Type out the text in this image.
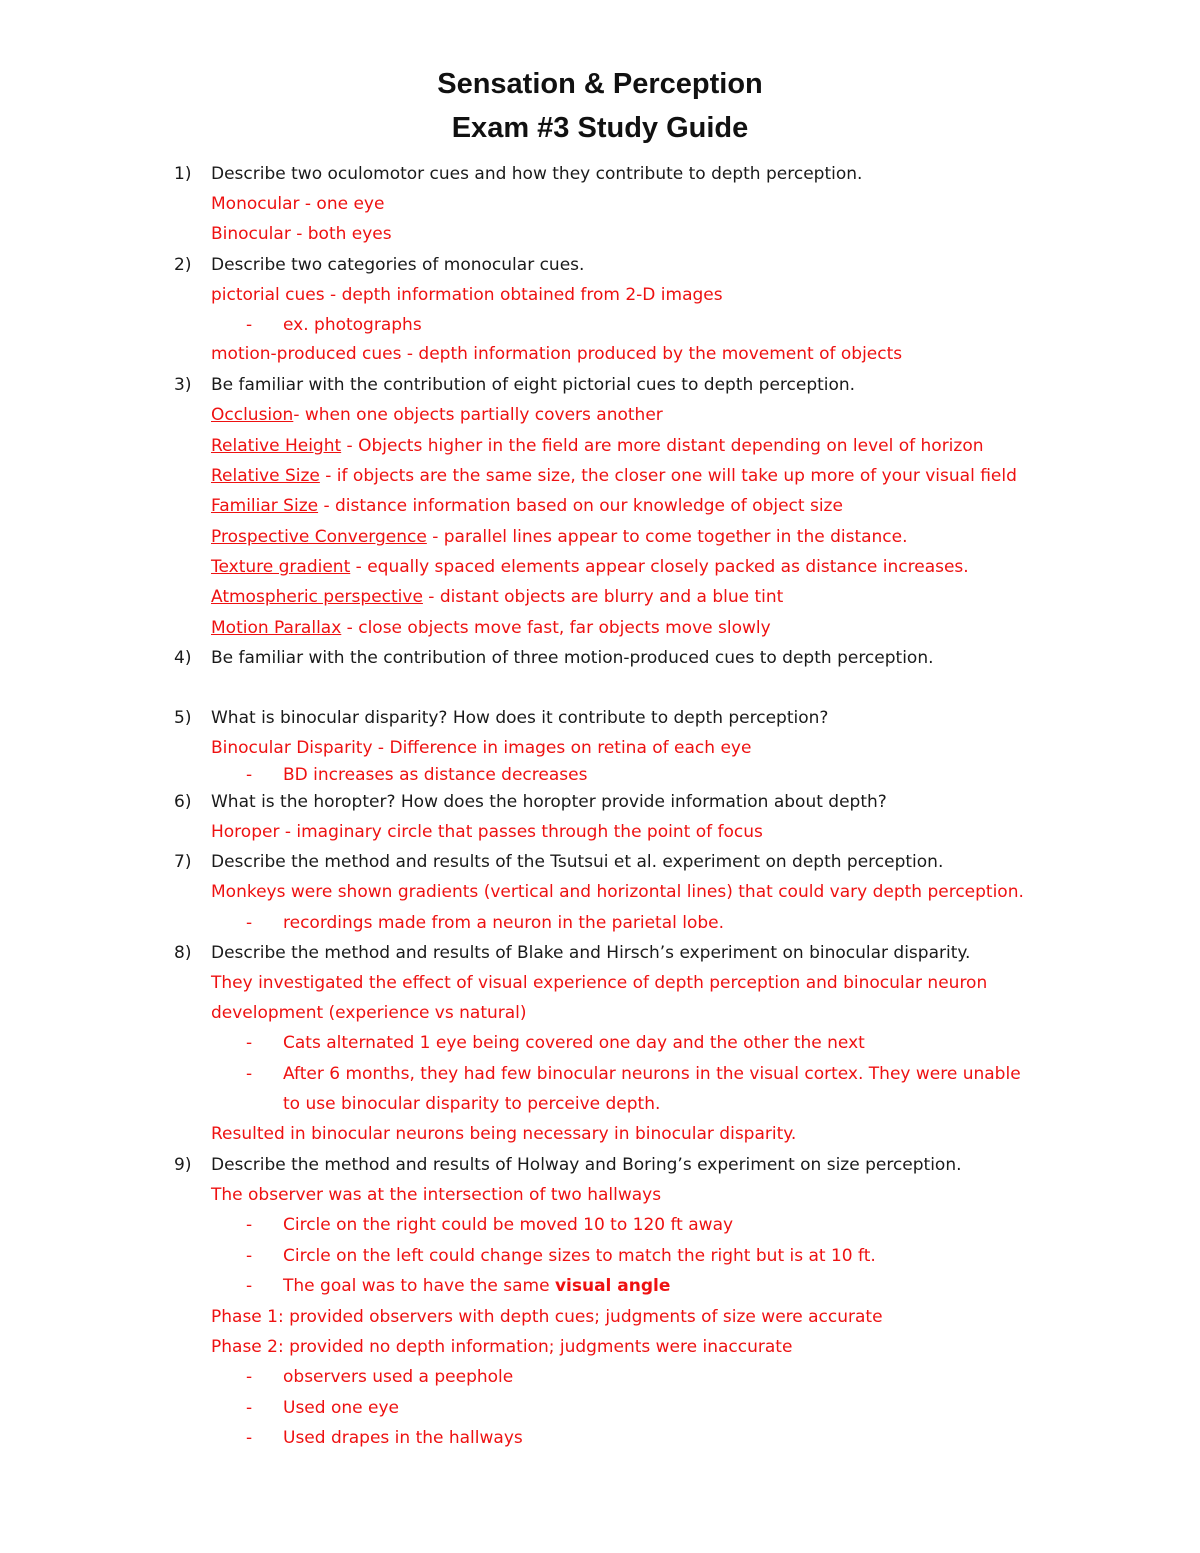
Sensation & Perception
Exam #3 Study Guide
1) Describe two oculomotor cues and how they contribute to depth perception.
Monocular - one eye
Binocular - both eyes
2) Describe two categories of monocular cues.
pictorial cues - depth information obtained from 2-D images
- ex. photographs
motion-produced cues - depth information produced by the movement of objects
3) Be familiar with the contribution of eight pictorial cues to depth perception.
Occlusion- when one objects partially covers another
Relative Height - Objects higher in the field are more distant depending on level of horizon
Relative Size - if objects are the same size, the closer one will take up more of your visual field
Familiar Size - distance information based on our knowledge of object size
Prospective Convergence - parallel lines appear to come together in the distance.
Texture gradient - equally spaced elements appear closely packed as distance increases.
Atmospheric perspective - distant objects are blurry and a blue tint
Motion Parallax - close objects move fast, far objects move slowly
4) Be familiar with the contribution of three motion-produced cues to depth perception.
5) What is binocular disparity? How does it contribute to depth perception?
Binocular Disparity - Difference in images on retina of each eye
- BD increases as distance decreases
6) What is the horopter? How does the horopter provide information about depth?
Horoper - imaginary circle that passes through the point of focus
7) Describe the method and results of the Tsutsui et al. experiment on depth perception.
Monkeys were shown gradients (vertical and horizontal lines) that could vary depth perception.
- recordings made from a neuron in the parietal lobe.
8) Describe the method and results of Blake and Hirsch’s experiment on binocular disparity.
They investigated the effect of visual experience of depth perception and binocular neuron
development (experience vs natural)
- Cats alternated 1 eye being covered one day and the other the next
- After 6 months, they had few binocular neurons in the visual cortex. They were unable
to use binocular disparity to perceive depth.
Resulted in binocular neurons being necessary in binocular disparity.
9) Describe the method and results of Holway and Boring’s experiment on size perception.
The observer was at the intersection of two hallways
- Circle on the right could be moved 10 to 120 ft away
- Circle on the left could change sizes to match the right but is at 10 ft.
- The goal was to have the same visual angle
Phase 1: provided observers with depth cues; judgments of size were accurate
Phase 2: provided no depth information; judgments were inaccurate
- observers used a peephole
- Used one eye
- Used drapes in the hallways
